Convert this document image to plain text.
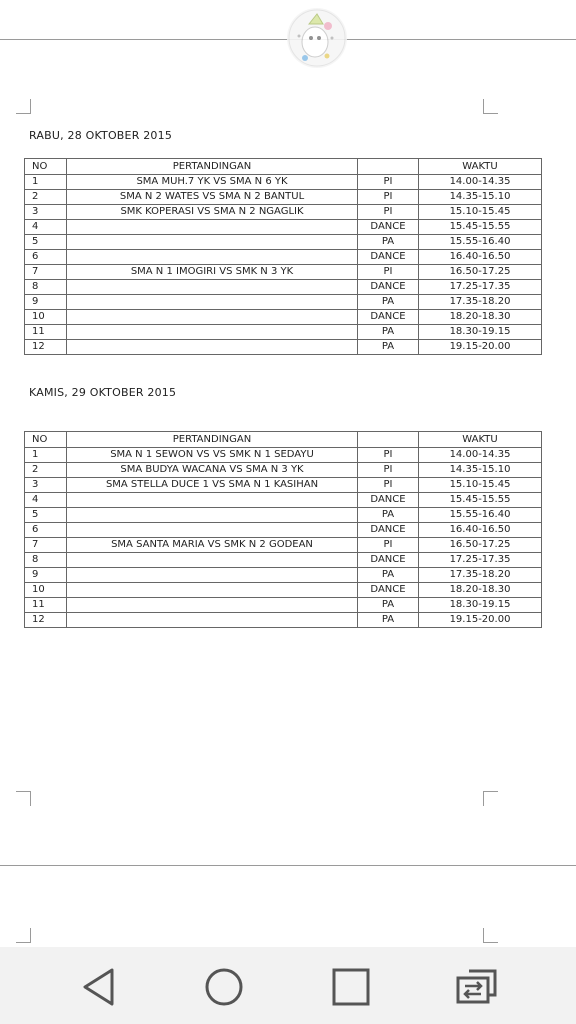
RABU, 28 OKTOBER 2015
NO	PERTANDINGAN		WAKTU
1	SMA MUH.7 YK VS SMA N 6 YK	PI	14.00-14.35
2	SMA N 2 WATES VS SMA N 2 BANTUL	PI	14.35-15.10
3	SMK KOPERASI VS SMA N 2 NGAGLIK	PI	15.10-15.45
4		DANCE	15.45-15.55
5		PA	15.55-16.40
6		DANCE	16.40-16.50
7	SMA N 1 IMOGIRI VS SMK N 3 YK	PI	16.50-17.25
8		DANCE	17.25-17.35
9		PA	17.35-18.20
10		DANCE	18.20-18.30
11		PA	18.30-19.15
12		PA	19.15-20.00
KAMIS, 29 OKTOBER 2015
NO	PERTANDINGAN		WAKTU
1	SMA N 1 SEWON VS VS SMK N 1 SEDAYU	PI	14.00-14.35
2	SMA BUDYA WACANA VS SMA N 3 YK	PI	14.35-15.10
3	SMA STELLA DUCE 1 VS SMA N 1 KASIHAN	PI	15.10-15.45
4		DANCE	15.45-15.55
5		PA	15.55-16.40
6		DANCE	16.40-16.50
7	SMA SANTA MARIA VS SMK N 2 GODEAN	PI	16.50-17.25
8		DANCE	17.25-17.35
9		PA	17.35-18.20
10		DANCE	18.20-18.30
11		PA	18.30-19.15
12		PA	19.15-20.00
